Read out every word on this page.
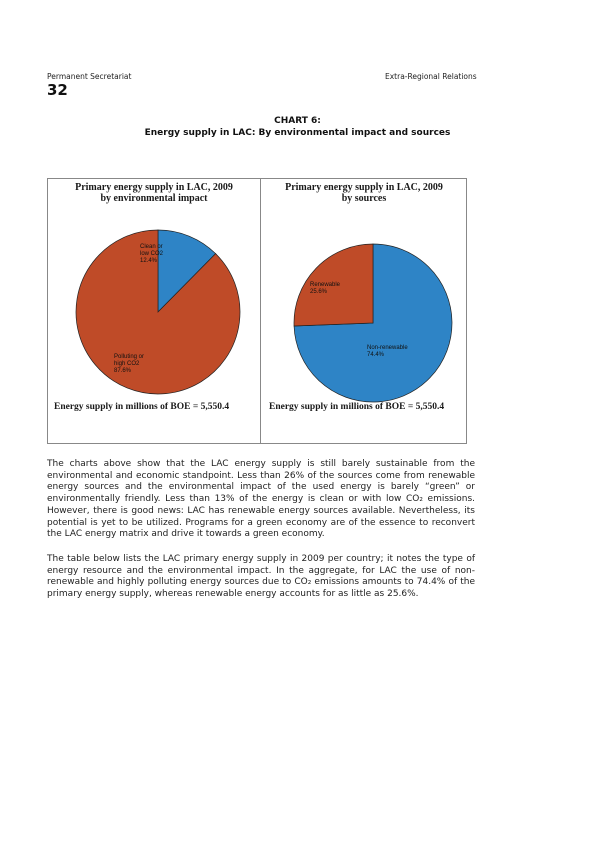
Permanent Secretariat	Extra-Regional Relations
32
CHART 6:
Energy supply in LAC: By environmental impact and sources
Primary energy supply in LAC, 2009
by environmental impact
Clean or low CO2 12.4%
Polluting or high CO2 87.6%
Energy supply in millions of BOE = 5,550.4
Primary energy supply in LAC, 2009
by sources
Non-renewable 74.4%
Renewable 25.6%
Energy supply in millions of BOE = 5,550.4

The charts above show that the LAC energy supply is still barely sustainable from the environmental and economic standpoint. Less than 26% of the sources come from renewable energy sources and the environmental impact of the used energy is barely “green” or environmentally friendly. Less than 13% of the energy is clean or with low CO₂ emissions. However, there is good news: LAC has renewable energy sources available. Nevertheless, its potential is yet to be utilized. Programs for a green economy are of the essence to reconvert the LAC energy matrix and drive it towards a green economy.

The table below lists the LAC primary energy supply in 2009 per country; it notes the type of energy resource and the environmental impact. In the aggregate, for LAC the use of non-renewable and highly polluting energy sources due to CO₂ emissions amounts to 74.4% of the primary energy supply, whereas renewable energy accounts for as little as 25.6%.
